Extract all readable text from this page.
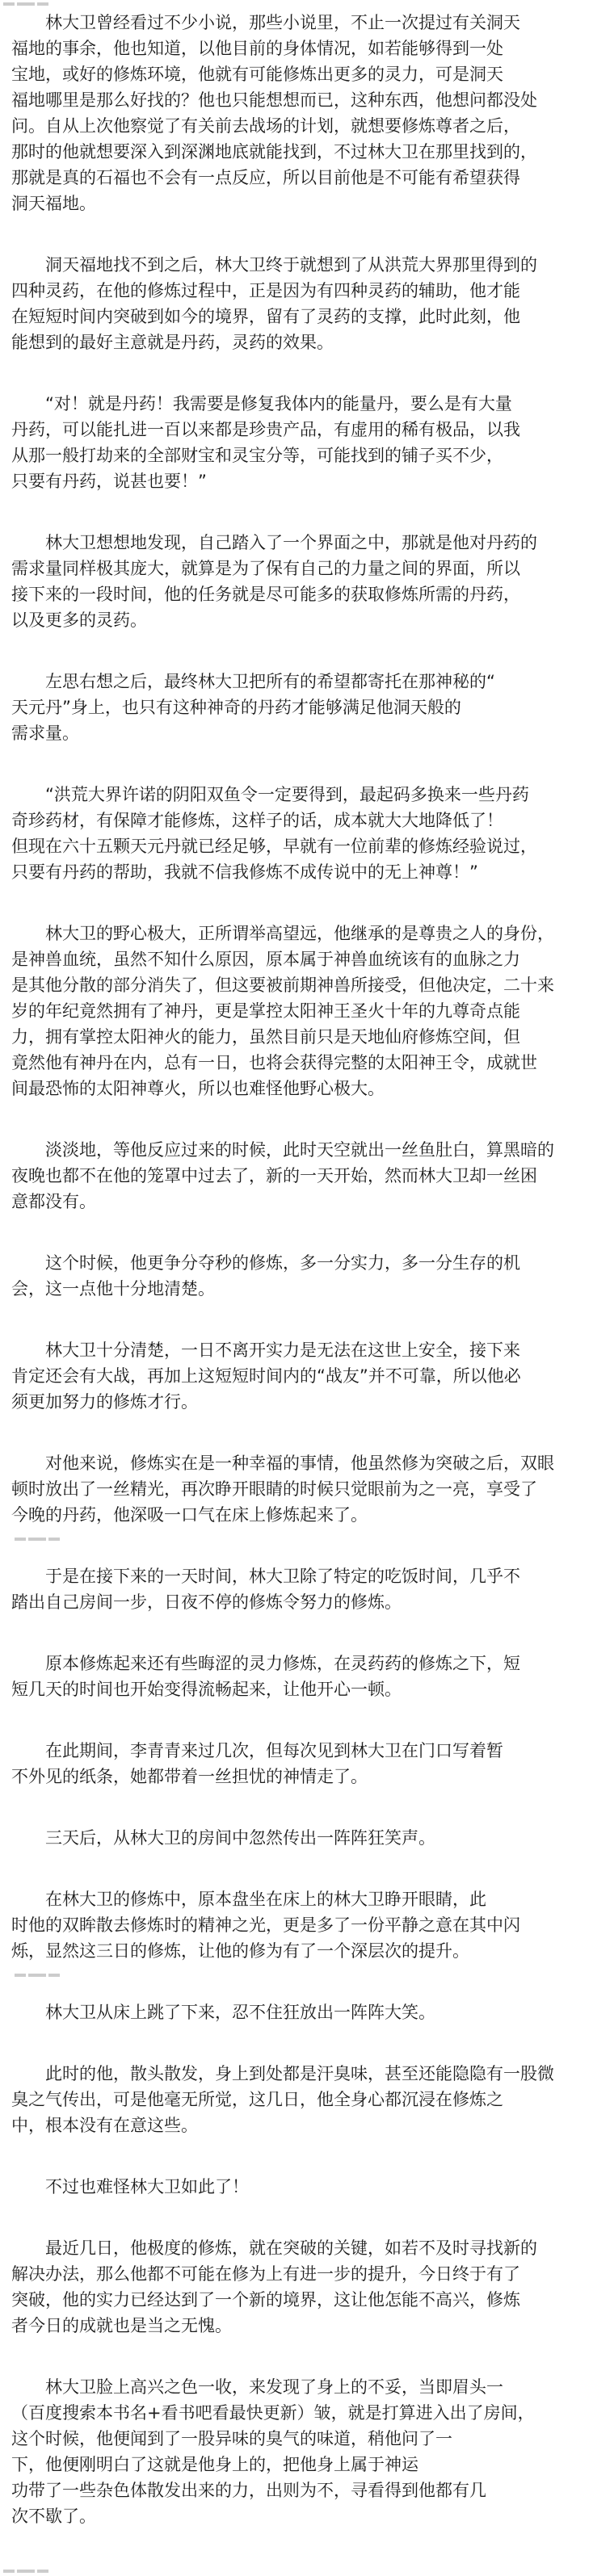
林大卫曾经看过不少小说，那些小说里，不止一次提过有关洞天
福地的事余，他也知道，以他目前的身体情况，如若能够得到一处
宝地，或好的修炼环境，他就有可能修炼出更多的灵力，可是洞天
福地哪里是那么好找的？他也只能想想而已，这种东西，他想问都没处
问。自从上次他察觉了有关前去战场的计划，就想要修炼尊者之后，
那时的他就想要深入到深渊地底就能找到，不过林大卫在那里找到的，
那就是真的石福也不会有一点反应，所以目前他是不可能有希望获得
洞天福地。
洞天福地找不到之后，林大卫终于就想到了从洪荒大界那里得到的
四种灵药，在他的修炼过程中，正是因为有四种灵药的辅助，他才能
在短短时间内突破到如今的境界，留有了灵药的支撑，此时此刻，他
能想到的最好主意就是丹药，灵药的效果。
“对！就是丹药！我需要是修复我体内的能量丹，要么是有大量
丹药，可以能扎进一百以来都是珍贵产品，有虚用的稀有极品，以我
从那一般打劫来的全部财宝和灵宝分等，可能找到的铺子买不少，
只要有丹药，说甚也要！”
林大卫想想地发现，自己踏入了一个界面之中，那就是他对丹药的
需求量同样极其庞大，就算是为了保有自己的力量之间的界面，所以
接下来的一段时间，他的任务就是尽可能多的获取修炼所需的丹药，
以及更多的灵药。
左思右想之后，最终林大卫把所有的希望都寄托在那神秘的“
天元丹”身上，也只有这种神奇的丹药才能够满足他洞天般的
需求量。
“洪荒大界许诺的阴阳双鱼令一定要得到，最起码多换来一些丹药
奇珍药材，有保障才能修炼，这样子的话，成本就大大地降低了！
但现在六十五颗天元丹就已经足够，早就有一位前辈的修炼经验说过，
只要有丹药的帮助，我就不信我修炼不成传说中的无上神尊！”
林大卫的野心极大，正所谓举高望远，他继承的是尊贵之人的身份，
是神兽血统，虽然不知什么原因，原本属于神兽血统该有的血脉之力
是其他分散的部分消失了，但这要被前期神兽所接受，但他决定，二十来
岁的年纪竟然拥有了神丹，更是掌控太阳神王圣火十年的九尊奇点能
力，拥有掌控太阳神火的能力，虽然目前只是天地仙府修炼空间，但
竟然他有神丹在内，总有一日，也将会获得完整的太阳神王令，成就世
间最恐怖的太阳神尊火，所以也难怪他野心极大。
淡淡地，等他反应过来的时候，此时天空就出一丝鱼肚白，算黑暗的
夜晚也都不在他的笼罩中过去了，新的一天开始，然而林大卫却一丝困
意都没有。
这个时候，他更争分夺秒的修炼，多一分实力，多一分生存的机
会，这一点他十分地清楚。
林大卫十分清楚，一日不离开实力是无法在这世上安全，接下来
肯定还会有大战，再加上这短短时间内的“战友”并不可靠，所以他必
须更加努力的修炼才行。
对他来说，修炼实在是一种幸福的事情，他虽然修为突破之后，双眼
顿时放出了一丝精光，再次睁开眼睛的时候只觉眼前为之一亮，享受了
今晚的丹药，他深吸一口气在床上修炼起来了。
于是在接下来的一天时间，林大卫除了特定的吃饭时间，几乎不
踏出自己房间一步，日夜不停的修炼令努力的修炼。
原本修炼起来还有些晦涩的灵力修炼，在灵药药的修炼之下，短
短几天的时间也开始变得流畅起来，让他开心一顿。
在此期间，李青青来过几次，但每次见到林大卫在门口写着暂
不外见的纸条，她都带着一丝担忧的神情走了。
三天后，从林大卫的房间中忽然传出一阵阵狂笑声。
在林大卫的修炼中，原本盘坐在床上的林大卫睁开眼睛，此
时他的双眸散去修炼时的精神之光，更是多了一份平静之意在其中闪
烁，显然这三日的修炼，让他的修为有了一个深层次的提升。
林大卫从床上跳了下来，忍不住狂放出一阵阵大笑。
此时的他，散头散发，身上到处都是汗臭味，甚至还能隐隐有一股微
臭之气传出，可是他毫无所觉，这几日，他全身心都沉浸在修炼之
中，根本没有在意这些。
不过也难怪林大卫如此了！
最近几日，他极度的修炼，就在突破的关键，如若不及时寻找新的
解决办法，那么他都不可能在修为上有进一步的提升，今日终于有了
突破，他的实力已经达到了一个新的境界，这让他怎能不高兴，修炼
者今日的成就也是当之无愧。
林大卫脸上高兴之色一收，来发现了身上的不妥，当即眉头一
（百度搜索本书名+看书吧看最快更新）皱，就是打算进入出了房间，
这个时候，他便闻到了一股异味的臭气的味道，稍他问了一
下，他便刚明白了这就是他身上的，把他身上属于神运
功带了一些杂色体散发出来的力，出则为不，寻看得到他都有几
次不歇了。
